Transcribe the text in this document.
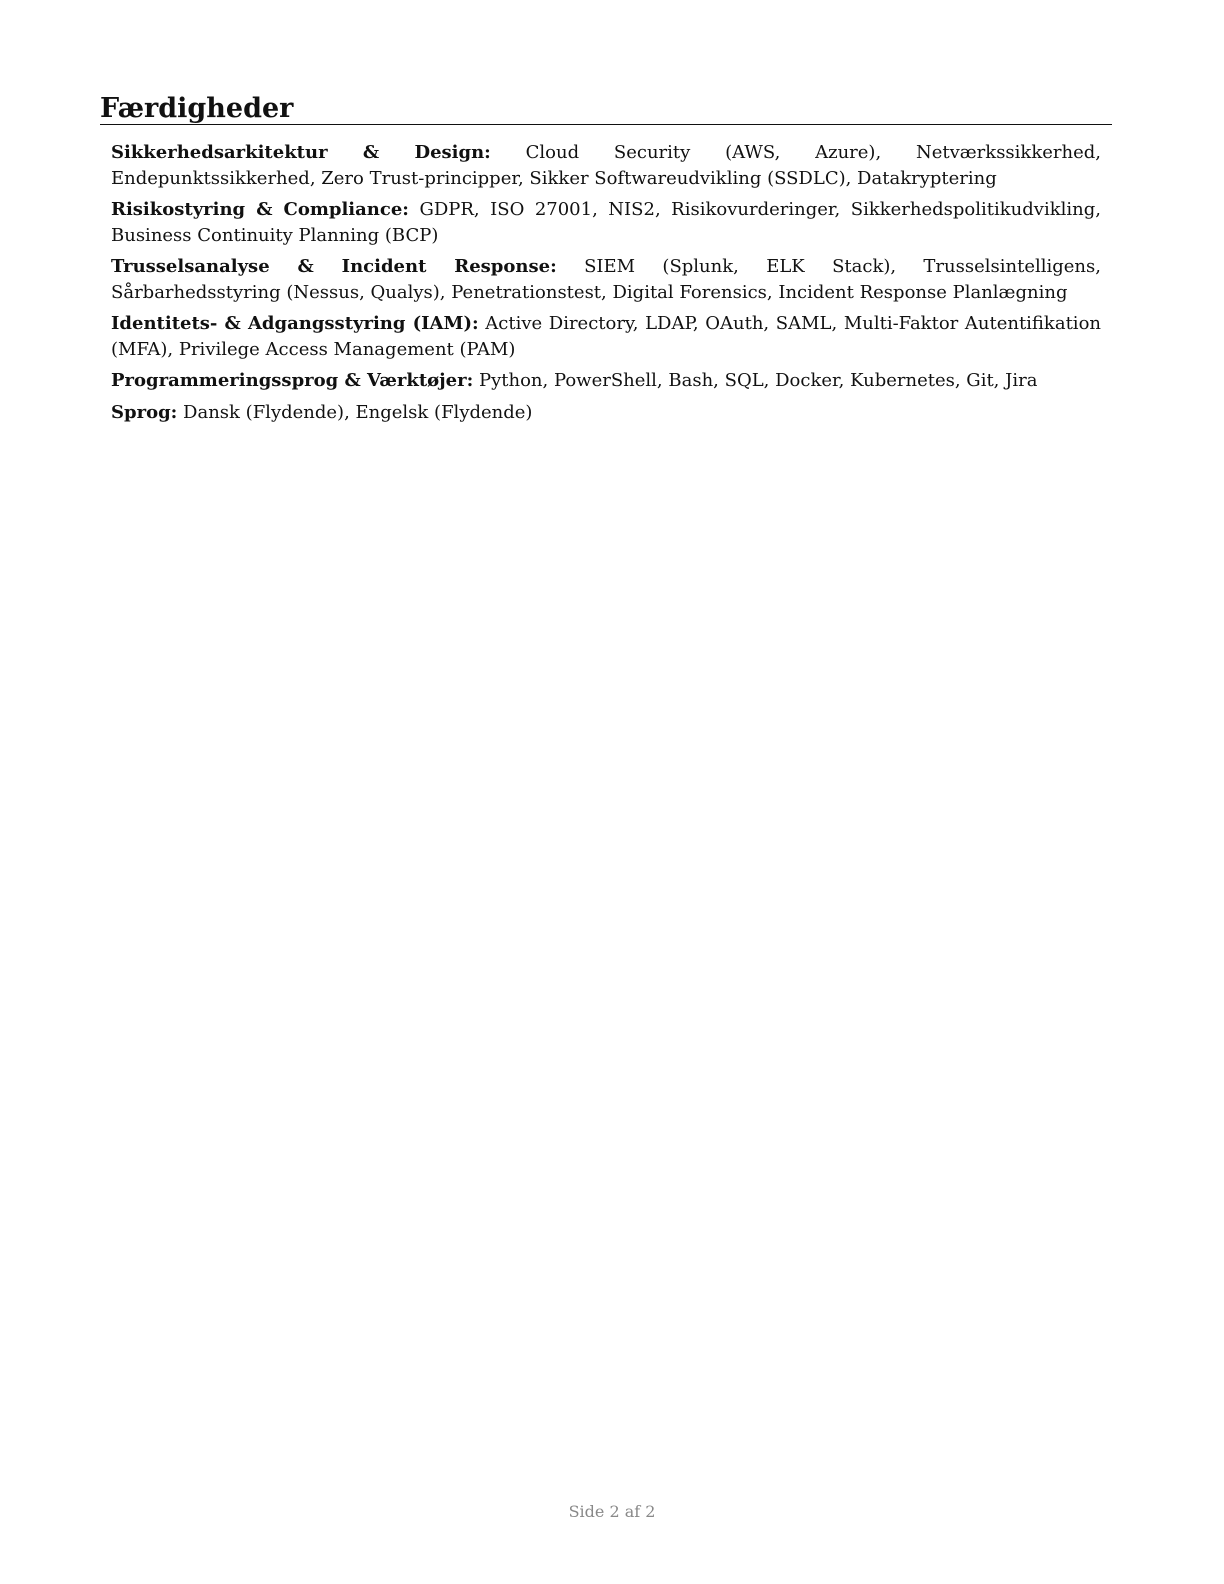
Færdigheder
Sikkerhedsarkitektur & Design: Cloud Security (AWS, Azure), Netværkssikkerhed, Endepunktssikkerhed, Zero Trust-principper, Sikker Softwareudvikling (SSDLC), Datakryptering
Risikostyring & Compliance: GDPR, ISO 27001, NIS2, Risikovurderinger, Sikkerhedspolitikudvikling, Business Continuity Planning (BCP)
Trusselsanalyse & Incident Response: SIEM (Splunk, ELK Stack), Trusselsintelligens, Sårbarhedsstyring (Nessus, Qualys), Penetrationstest, Digital Forensics, Incident Response Planlægning
Identitets- & Adgangsstyring (IAM): Active Directory, LDAP, OAuth, SAML, Multi-Faktor Autentifikation (MFA), Privilege Access Management (PAM)
Programmeringssprog & Værktøjer: Python, PowerShell, Bash, SQL, Docker, Kubernetes, Git, Jira
Sprog: Dansk (Flydende), Engelsk (Flydende)
Side 2 af 2
